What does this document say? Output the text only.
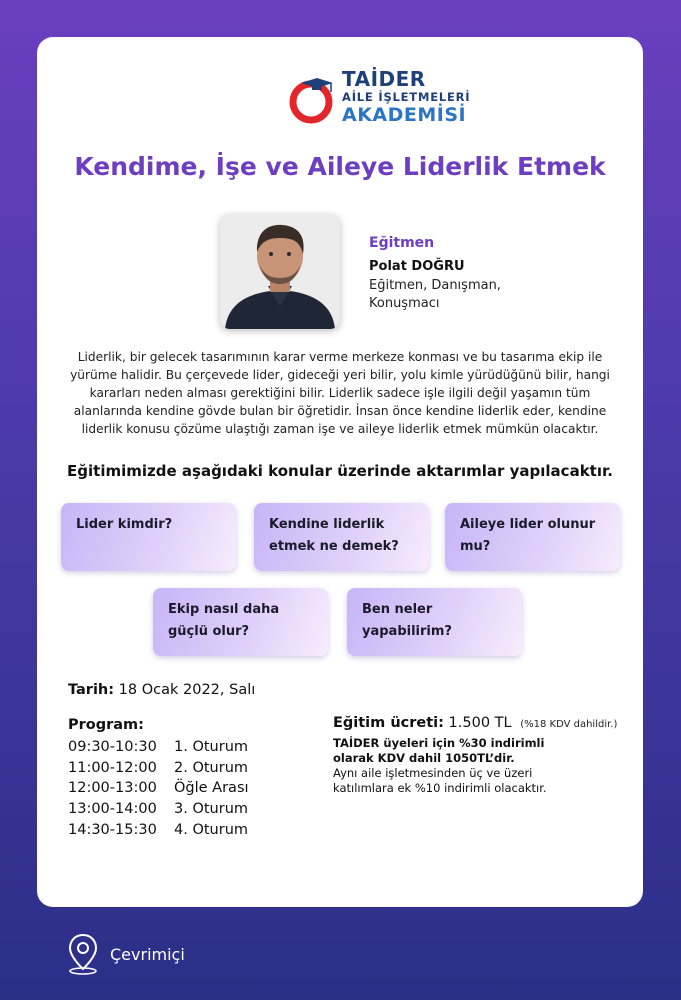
TAİDER
AİLE İŞLETMELERİ
AKADEMİSİ
Kendime, İşe ve Aileye Liderlik Etmek
Eğitmen
Polat DOĞRU
Eğitmen, Danışman,
Konuşmacı
Liderlik, bir gelecek tasarımının karar verme merkeze konması ve bu tasarıma ekip ile
yürüme halidir. Bu çerçevede lider, gideceği yeri bilir, yolu kimle yürüdüğünü bilir, hangi
kararları neden alması gerektiğini bilir. Liderlik sadece işle ilgili değil yaşamın tüm
alanlarında kendine gövde bulan bir öğretidir. İnsan önce kendine liderlik eder, kendine
liderlik konusu çözüme ulaştığı zaman işe ve aileye liderlik etmek mümkün olacaktır.
Eğitimimizde aşağıdaki konular üzerinde aktarımlar yapılacaktır.
Lider kimdir?	Kendine liderlik
etmek ne demek?
Aileye lider olunur
mu?
Ekip nasıl daha
güçlü olur?
Ben neler
yapabilirim?
Tarih: 18 Ocak 2022, Salı
Program:
09:30-10:30 1. Oturum
11:00-12:00 2. Oturum
12:00-13:00 Öğle Arası
13:00-14:00 3. Oturum
14:30-15:30 4. Oturum
Eğitim ücreti: 1.500 TL (%18 KDV dahildir.)
TAİDER üyeleri için %30 indirimli
olarak KDV dahil 1050TL’dir.
Aynı aile işletmesinden üç ve üzeri
katılımlara ek %10 indirimli olacaktır.
Çevrimiçi
